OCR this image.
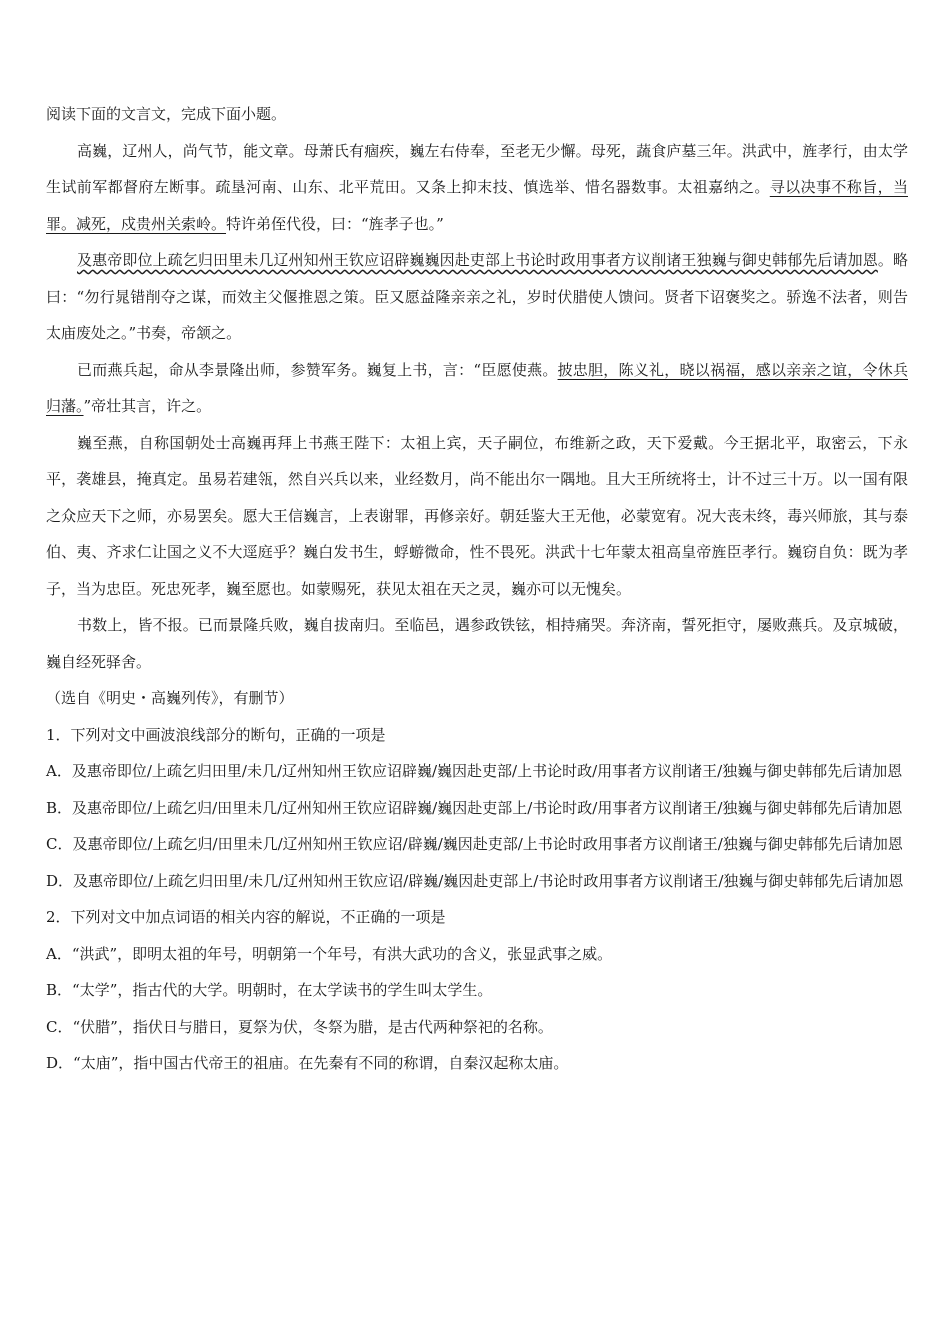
阅读下面的文言文，完成下面小题。

高巍，辽州人，尚气节，能文章。母萧氏有痼疾，巍左右侍奉，至老无少懈。母死，蔬食庐墓三年。洪武中，旌孝行，由太学生试前军都督府左断事。疏垦河南、山东、北平荒田。又条上抑末技、慎选举、惜名器数事。太祖嘉纳之。寻以决事不称旨，当罪。减死，戍贵州关索岭。特许弟侄代役，曰：“旌孝子也。”

及惠帝即位上疏乞归田里未几辽州知州王钦应诏辟巍巍因赴吏部上书论时政用事者方议削诸王独巍与御史韩郁先后请加恩。略曰：“勿行晁错削夺之谋，而效主父偃推恩之策。臣又愿益隆亲亲之礼，岁时伏腊使人馈问。贤者下诏褒奖之。骄逸不法者，则告太庙废处之。”书奏，帝颔之。

已而燕兵起，命从李景隆出师，参赞军务。巍复上书，言：“臣愿使燕。披忠胆，陈义礼，晓以祸福，感以亲亲之谊，令休兵归藩。”帝壮其言，许之。

巍至燕，自称国朝处士高巍再拜上书燕王陛下：太祖上宾，天子嗣位，布维新之政，天下爱戴。今王据北平，取密云，下永平，袭雄县，掩真定。虽易若建瓴，然自兴兵以来，业经数月，尚不能出尔一隅地。且大王所统将士，计不过三十万。以一国有限之众应天下之师，亦易罢矣。愿大王信巍言，上表谢罪，再修亲好。朝廷鉴大王无他，必蒙宽宥。况大丧未终，毒兴师旅，其与泰伯、夷、齐求仁让国之义不大逕庭乎？巍白发书生，蜉蝣微命，性不畏死。洪武十七年蒙太祖高皇帝旌臣孝行。巍窃自负：既为孝子，当为忠臣。死忠死孝，巍至愿也。如蒙赐死，获见太祖在天之灵，巍亦可以无愧矣。

书数上，皆不报。已而景隆兵败，巍自拔南归。至临邑，遇参政铁铉，相持痛哭。奔济南，誓死拒守，屡败燕兵。及京城破，巍自经死驿舍。

（选自《明史・高巍列传》，有删节）

1．下列对文中画波浪线部分的断句，正确的一项是

A．及惠帝即位/上疏乞归田里/未几/辽州知州王钦应诏辟巍/巍因赴吏部/上书论时政/用事者方议削诸王/独巍与御史韩郁先后请加恩

B．及惠帝即位/上疏乞归/田里未几/辽州知州王钦应诏辟巍/巍因赴吏部上/书论时政/用事者方议削诸王/独巍与御史韩郁先后请加恩

C．及惠帝即位/上疏乞归/田里未几/辽州知州王钦应诏/辟巍/巍因赴吏部/上书论时政用事者方议削诸王/独巍与御史韩郁先后请加恩

D．及惠帝即位/上疏乞归田里/未几/辽州知州王钦应诏/辟巍/巍因赴吏部上/书论时政用事者方议削诸王/独巍与御史韩郁先后请加恩

2．下列对文中加点词语的相关内容的解说，不正确的一项是

A．“洪武”，即明太祖的年号，明朝第一个年号，有洪大武功的含义，张显武事之威。

B．“太学”，指古代的大学。明朝时，在太学读书的学生叫太学生。

C．“伏腊”，指伏日与腊日，夏祭为伏，冬祭为腊，是古代两种祭祀的名称。

D．“太庙”，指中国古代帝王的祖庙。在先秦有不同的称谓，自秦汉起称太庙。
